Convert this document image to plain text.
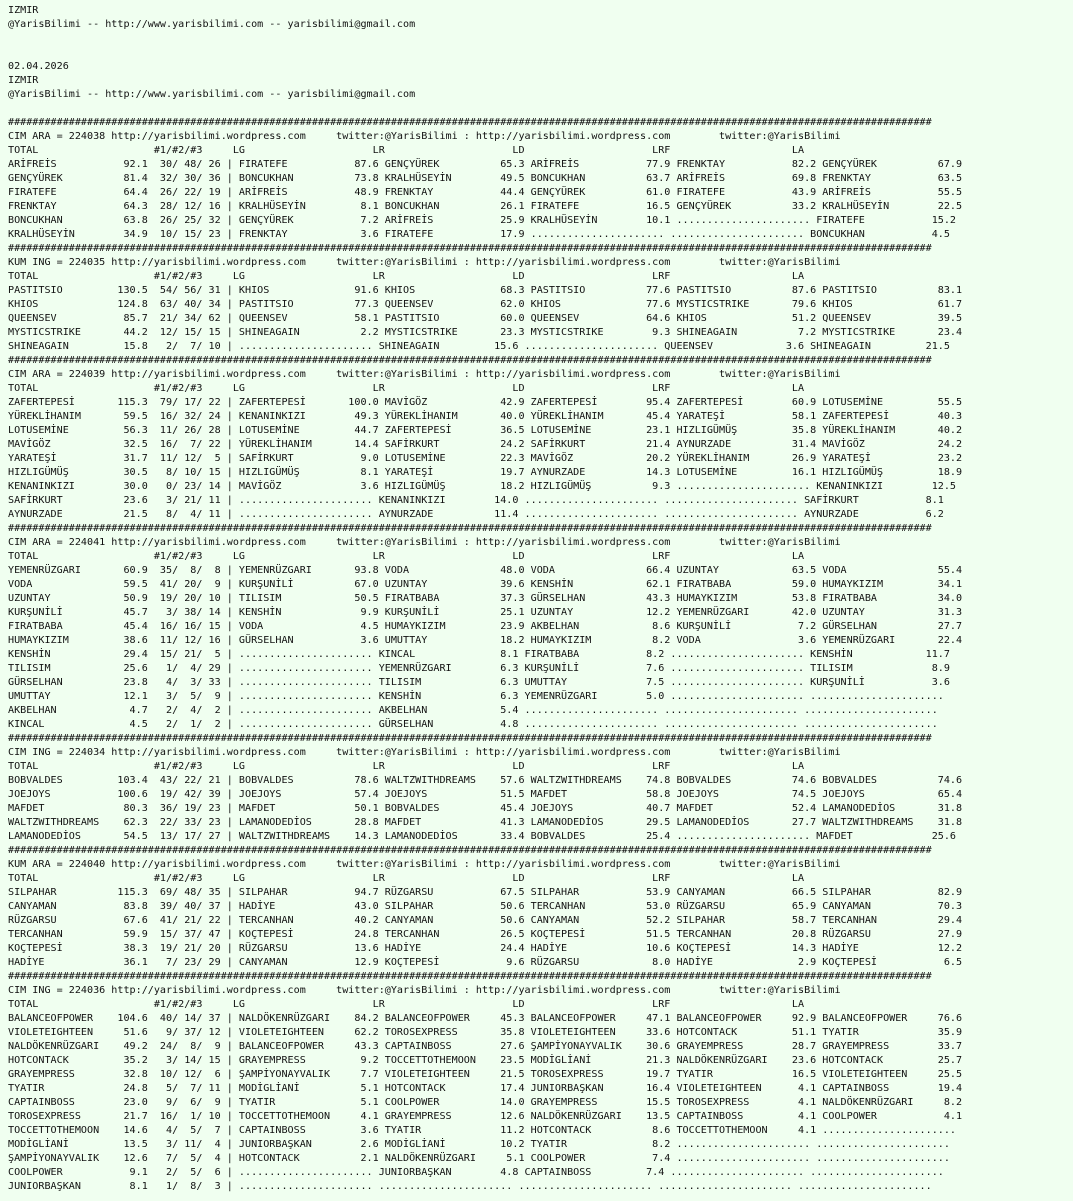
IZMIR
@YarisBilimi -- http://www.yarisbilimi.com -- yarisbilimi@gmail.com
02.04.2026
IZMIR
@YarisBilimi -- http://www.yarisbilimi.com -- yarisbilimi@gmail.com
########################################################################################################################################################
CIM ARA = 224038 http://yarisbilimi.wordpress.com     twitter:@YarisBilimi : http://yarisbilimi.wordpress.com        twitter:@YarisBilimi
TOTAL                   #1/#2/#3     LG                     LR                     LD                     LRF                    LA
ARİFREİS           92.1  30/ 48/ 26 | FIRATEFE           87.6 GENÇYÜREK          65.3 ARİFREİS           77.9 FRENKTAY           82.2 GENÇYÜREK          67.9
GENÇYÜREK          81.4  32/ 30/ 36 | BONCUKHAN          73.8 KRALHÜSEYİN        49.5 BONCUKHAN          63.7 ARİFREİS           69.8 FRENKTAY           63.5
FIRATEFE           64.4  26/ 22/ 19 | ARİFREİS           48.9 FRENKTAY           44.4 GENÇYÜREK          61.0 FIRATEFE           43.9 ARİFREİS           55.5
FRENKTAY           64.3  28/ 12/ 16 | KRALHÜSEYİN         8.1 BONCUKHAN          26.1 FIRATEFE           16.5 GENÇYÜREK          33.2 KRALHÜSEYİN        22.5
BONCUKHAN          63.8  26/ 25/ 32 | GENÇYÜREK           7.2 ARİFREİS           25.9 KRALHÜSEYİN        10.1 ...................... FIRATEFE           15.2
KRALHÜSEYİN        34.9  10/ 15/ 23 | FRENKTAY            3.6 FIRATEFE           17.9 ...................... ...................... BONCUKHAN           4.5
########################################################################################################################################################
KUM ING = 224035 http://yarisbilimi.wordpress.com     twitter:@YarisBilimi : http://yarisbilimi.wordpress.com        twitter:@YarisBilimi
TOTAL                   #1/#2/#3     LG                     LR                     LD                     LRF                    LA
PASTITSIO         130.5  54/ 56/ 31 | KHIOS              91.6 KHIOS              68.3 PASTITSIO          77.6 PASTITSIO          87.6 PASTITSIO          83.1
KHIOS             124.8  63/ 40/ 34 | PASTITSIO          77.3 QUEENSEV           62.0 KHIOS              77.6 MYSTICSTRIKE       79.6 KHIOS              61.7
QUEENSEV           85.7  21/ 34/ 62 | QUEENSEV           58.1 PASTITSIO          60.0 QUEENSEV           64.6 KHIOS              51.2 QUEENSEV           39.5
MYSTICSTRIKE       44.2  12/ 15/ 15 | SHINEAGAIN          2.2 MYSTICSTRIKE       23.3 MYSTICSTRIKE        9.3 SHINEAGAIN          7.2 MYSTICSTRIKE       23.4
SHINEAGAIN         15.8   2/  7/ 10 | ...................... SHINEAGAIN         15.6 ...................... QUEENSEV            3.6 SHINEAGAIN         21.5
########################################################################################################################################################
CIM ARA = 224039 http://yarisbilimi.wordpress.com     twitter:@YarisBilimi : http://yarisbilimi.wordpress.com        twitter:@YarisBilimi
TOTAL                   #1/#2/#3     LG                     LR                     LD                     LRF                    LA
ZAFERTEPESİ       115.3  79/ 17/ 22 | ZAFERTEPESİ       100.0 MAVİGÖZ            42.9 ZAFERTEPESİ        95.4 ZAFERTEPESİ        60.9 LOTUSEMİNE         55.5
YÜREKLİHANIM       59.5  16/ 32/ 24 | KENANINKIZI        49.3 YÜREKLİHANIM       40.0 YÜREKLİHANIM       45.4 YARATEŞİ           58.1 ZAFERTEPESİ        40.3
LOTUSEMİNE         56.3  11/ 26/ 28 | LOTUSEMİNE         44.7 ZAFERTEPESİ        36.5 LOTUSEMİNE         23.1 HIZLIGÜMÜŞ         35.8 YÜREKLİHANIM       40.2
MAVİGÖZ            32.5  16/  7/ 22 | YÜREKLİHANIM       14.4 SAFİRKURT          24.2 SAFİRKURT          21.4 AYNURZADE          31.4 MAVİGÖZ            24.2
YARATEŞİ           31.7  11/ 12/  5 | SAFİRKURT           9.0 LOTUSEMİNE         22.3 MAVİGÖZ            20.2 YÜREKLİHANIM       26.9 YARATEŞİ           23.2
HIZLIGÜMÜŞ         30.5   8/ 10/ 15 | HIZLIGÜMÜŞ          8.1 YARATEŞİ           19.7 AYNURZADE          14.3 LOTUSEMİNE         16.1 HIZLIGÜMÜŞ         18.9
KENANINKIZI        30.0   0/ 23/ 14 | MAVİGÖZ             3.6 HIZLIGÜMÜŞ         18.2 HIZLIGÜMÜŞ          9.3 ...................... KENANINKIZI        12.5
SAFİRKURT          23.6   3/ 21/ 11 | ...................... KENANINKIZI        14.0 ...................... ...................... SAFİRKURT           8.1
AYNURZADE          21.5   8/  4/ 11 | ...................... AYNURZADE          11.4 ...................... ...................... AYNURZADE           6.2
########################################################################################################################################################
CIM ARA = 224041 http://yarisbilimi.wordpress.com     twitter:@YarisBilimi : http://yarisbilimi.wordpress.com        twitter:@YarisBilimi
TOTAL                   #1/#2/#3     LG                     LR                     LD                     LRF                    LA
YEMENRÜZGARI       60.9  35/  8/  8 | YEMENRÜZGARI       93.8 VODA               48.0 VODA               66.4 UZUNTAY            63.5 VODA               55.4
VODA               59.5  41/ 20/  9 | KURŞUNİLİ          67.0 UZUNTAY            39.6 KENSHİN            62.1 FIRATBABA          59.0 HUMAYKIZIM         34.1
UZUNTAY            50.9  19/ 20/ 10 | TILISIM            50.5 FIRATBABA          37.3 GÜRSELHAN          43.3 HUMAYKIZIM         53.8 FIRATBABA          34.0
KURŞUNİLİ          45.7   3/ 38/ 14 | KENSHİN             9.9 KURŞUNİLİ          25.1 UZUNTAY            12.2 YEMENRÜZGARI       42.0 UZUNTAY            31.3
FIRATBABA          45.4  16/ 16/ 15 | VODA                4.5 HUMAYKIZIM         23.9 AKBELHAN            8.6 KURŞUNİLİ           7.2 GÜRSELHAN          27.7
HUMAYKIZIM         38.6  11/ 12/ 16 | GÜRSELHAN           3.6 UMUTTAY            18.2 HUMAYKIZIM          8.2 VODA                3.6 YEMENRÜZGARI       22.4
KENSHİN            29.4  15/ 21/  5 | ...................... KINCAL              8.1 FIRATBABA           8.2 ...................... KENSHİN            11.7
TILISIM            25.6   1/  4/ 29 | ...................... YEMENRÜZGARI        6.3 KURŞUNİLİ           7.6 ...................... TILISIM             8.9
GÜRSELHAN          23.8   4/  3/ 33 | ...................... TILISIM             6.3 UMUTTAY             7.5 ...................... KURŞUNİLİ           3.6
UMUTTAY            12.1   3/  5/  9 | ...................... KENSHİN             6.3 YEMENRÜZGARI        5.0 ...................... ......................
AKBELHAN            4.7   2/  4/  2 | ...................... AKBELHAN            5.4 ...................... ...................... ......................
KINCAL              4.5   2/  1/  2 | ...................... GÜRSELHAN           4.8 ...................... ...................... ......................
########################################################################################################################################################
CIM ING = 224034 http://yarisbilimi.wordpress.com     twitter:@YarisBilimi : http://yarisbilimi.wordpress.com        twitter:@YarisBilimi
TOTAL                   #1/#2/#3     LG                     LR                     LD                     LRF                    LA
BOBVALDES         103.4  43/ 22/ 21 | BOBVALDES          78.6 WALTZWITHDREAMS    57.6 WALTZWITHDREAMS    74.8 BOBVALDES          74.6 BOBVALDES          74.6
JOEJOYS           100.6  19/ 42/ 39 | JOEJOYS            57.4 JOEJOYS            51.5 MAFDET             58.8 JOEJOYS            74.5 JOEJOYS            65.4
MAFDET             80.3  36/ 19/ 23 | MAFDET             50.1 BOBVALDES          45.4 JOEJOYS            40.7 MAFDET             52.4 LAMANODEDİOS       31.8
WALTZWITHDREAMS    62.3  22/ 33/ 23 | LAMANODEDİOS       28.8 MAFDET             41.3 LAMANODEDİOS       29.5 LAMANODEDİOS       27.7 WALTZWITHDREAMS    31.8
LAMANODEDİOS       54.5  13/ 17/ 27 | WALTZWITHDREAMS    14.3 LAMANODEDİOS       33.4 BOBVALDES          25.4 ...................... MAFDET             25.6
########################################################################################################################################################
KUM ARA = 224040 http://yarisbilimi.wordpress.com     twitter:@YarisBilimi : http://yarisbilimi.wordpress.com        twitter:@YarisBilimi
TOTAL                   #1/#2/#3     LG                     LR                     LD                     LRF                    LA
SILPAHAR          115.3  69/ 48/ 35 | SILPAHAR           94.7 RÜZGARSU           67.5 SILPAHAR           53.9 CANYAMAN           66.5 SILPAHAR           82.9
CANYAMAN           83.8  39/ 40/ 37 | HADİYE             43.0 SILPAHAR           50.6 TERCANHAN          53.0 RÜZGARSU           65.9 CANYAMAN           70.3
RÜZGARSU           67.6  41/ 21/ 22 | TERCANHAN          40.2 CANYAMAN           50.6 CANYAMAN           52.2 SILPAHAR           58.7 TERCANHAN          29.4
TERCANHAN          59.9  15/ 37/ 47 | KOÇTEPESİ          24.8 TERCANHAN          26.5 KOÇTEPESİ          51.5 TERCANHAN          20.8 RÜZGARSU           27.9
KOÇTEPESİ          38.3  19/ 21/ 20 | RÜZGARSU           13.6 HADİYE             24.4 HADİYE             10.6 KOÇTEPESİ          14.3 HADİYE             12.2
HADİYE             36.1   7/ 23/ 29 | CANYAMAN           12.9 KOÇTEPESİ           9.6 RÜZGARSU            8.0 HADİYE              2.9 KOÇTEPESİ           6.5
########################################################################################################################################################
CIM ING = 224036 http://yarisbilimi.wordpress.com     twitter:@YarisBilimi : http://yarisbilimi.wordpress.com        twitter:@YarisBilimi
TOTAL                   #1/#2/#3     LG                     LR                     LD                     LRF                    LA
BALANCEOFPOWER    104.6  40/ 14/ 37 | NALDÖKENRÜZGARI    84.2 BALANCEOFPOWER     45.3 BALANCEOFPOWER     47.1 BALANCEOFPOWER     92.9 BALANCEOFPOWER     76.6
VIOLETEIGHTEEN     51.6   9/ 37/ 12 | VIOLETEIGHTEEN     62.2 TOROSEXPRESS       35.8 VIOLETEIGHTEEN     33.6 HOTCONTACK         51.1 TYATIR             35.9
NALDÖKENRÜZGARI    49.2  24/  8/  9 | BALANCEOFPOWER     43.3 CAPTAINBOSS        27.6 ŞAMPİYONAYVALIK    30.6 GRAYEMPRESS        28.7 GRAYEMPRESS        33.7
HOTCONTACK         35.2   3/ 14/ 15 | GRAYEMPRESS         9.2 TOCCETTOTHEMOON    23.5 MODİGLİANİ         21.3 NALDÖKENRÜZGARI    23.6 HOTCONTACK         25.7
GRAYEMPRESS        32.8  10/ 12/  6 | ŞAMPİYONAYVALIK     7.7 VIOLETEIGHTEEN     21.5 TOROSEXPRESS       19.7 TYATIR             16.5 VIOLETEIGHTEEN     25.5
TYATIR             24.8   5/  7/ 11 | MODİGLİANİ          5.1 HOTCONTACK         17.4 JUNIORBAŞKAN       16.4 VIOLETEIGHTEEN      4.1 CAPTAINBOSS        19.4
CAPTAINBOSS        23.0   9/  6/  9 | TYATIR              5.1 COOLPOWER          14.0 GRAYEMPRESS        15.5 TOROSEXPRESS        4.1 NALDÖKENRÜZGARI     8.2
TOROSEXPRESS       21.7  16/  1/ 10 | TOCCETTOTHEMOON     4.1 GRAYEMPRESS        12.6 NALDÖKENRÜZGARI    13.5 CAPTAINBOSS         4.1 COOLPOWER           4.1
TOCCETTOTHEMOON    14.6   4/  5/  7 | CAPTAINBOSS         3.6 TYATIR             11.2 HOTCONTACK          8.6 TOCCETTOTHEMOON     4.1 ......................
MODİGLİANİ         13.5   3/ 11/  4 | JUNIORBAŞKAN        2.6 MODİGLİANİ         10.2 TYATIR              8.2 ...................... ......................
ŞAMPİYONAYVALIK    12.6   7/  5/  4 | HOTCONTACK          2.1 NALDÖKENRÜZGARI     5.1 COOLPOWER           7.4 ...................... ......................
COOLPOWER           9.1   2/  5/  6 | ...................... JUNIORBAŞKAN        4.8 CAPTAINBOSS         7.4 ...................... ......................
JUNIORBAŞKAN        8.1   1/  8/  3 | ...................... ...................... ...................... ...................... ......................
